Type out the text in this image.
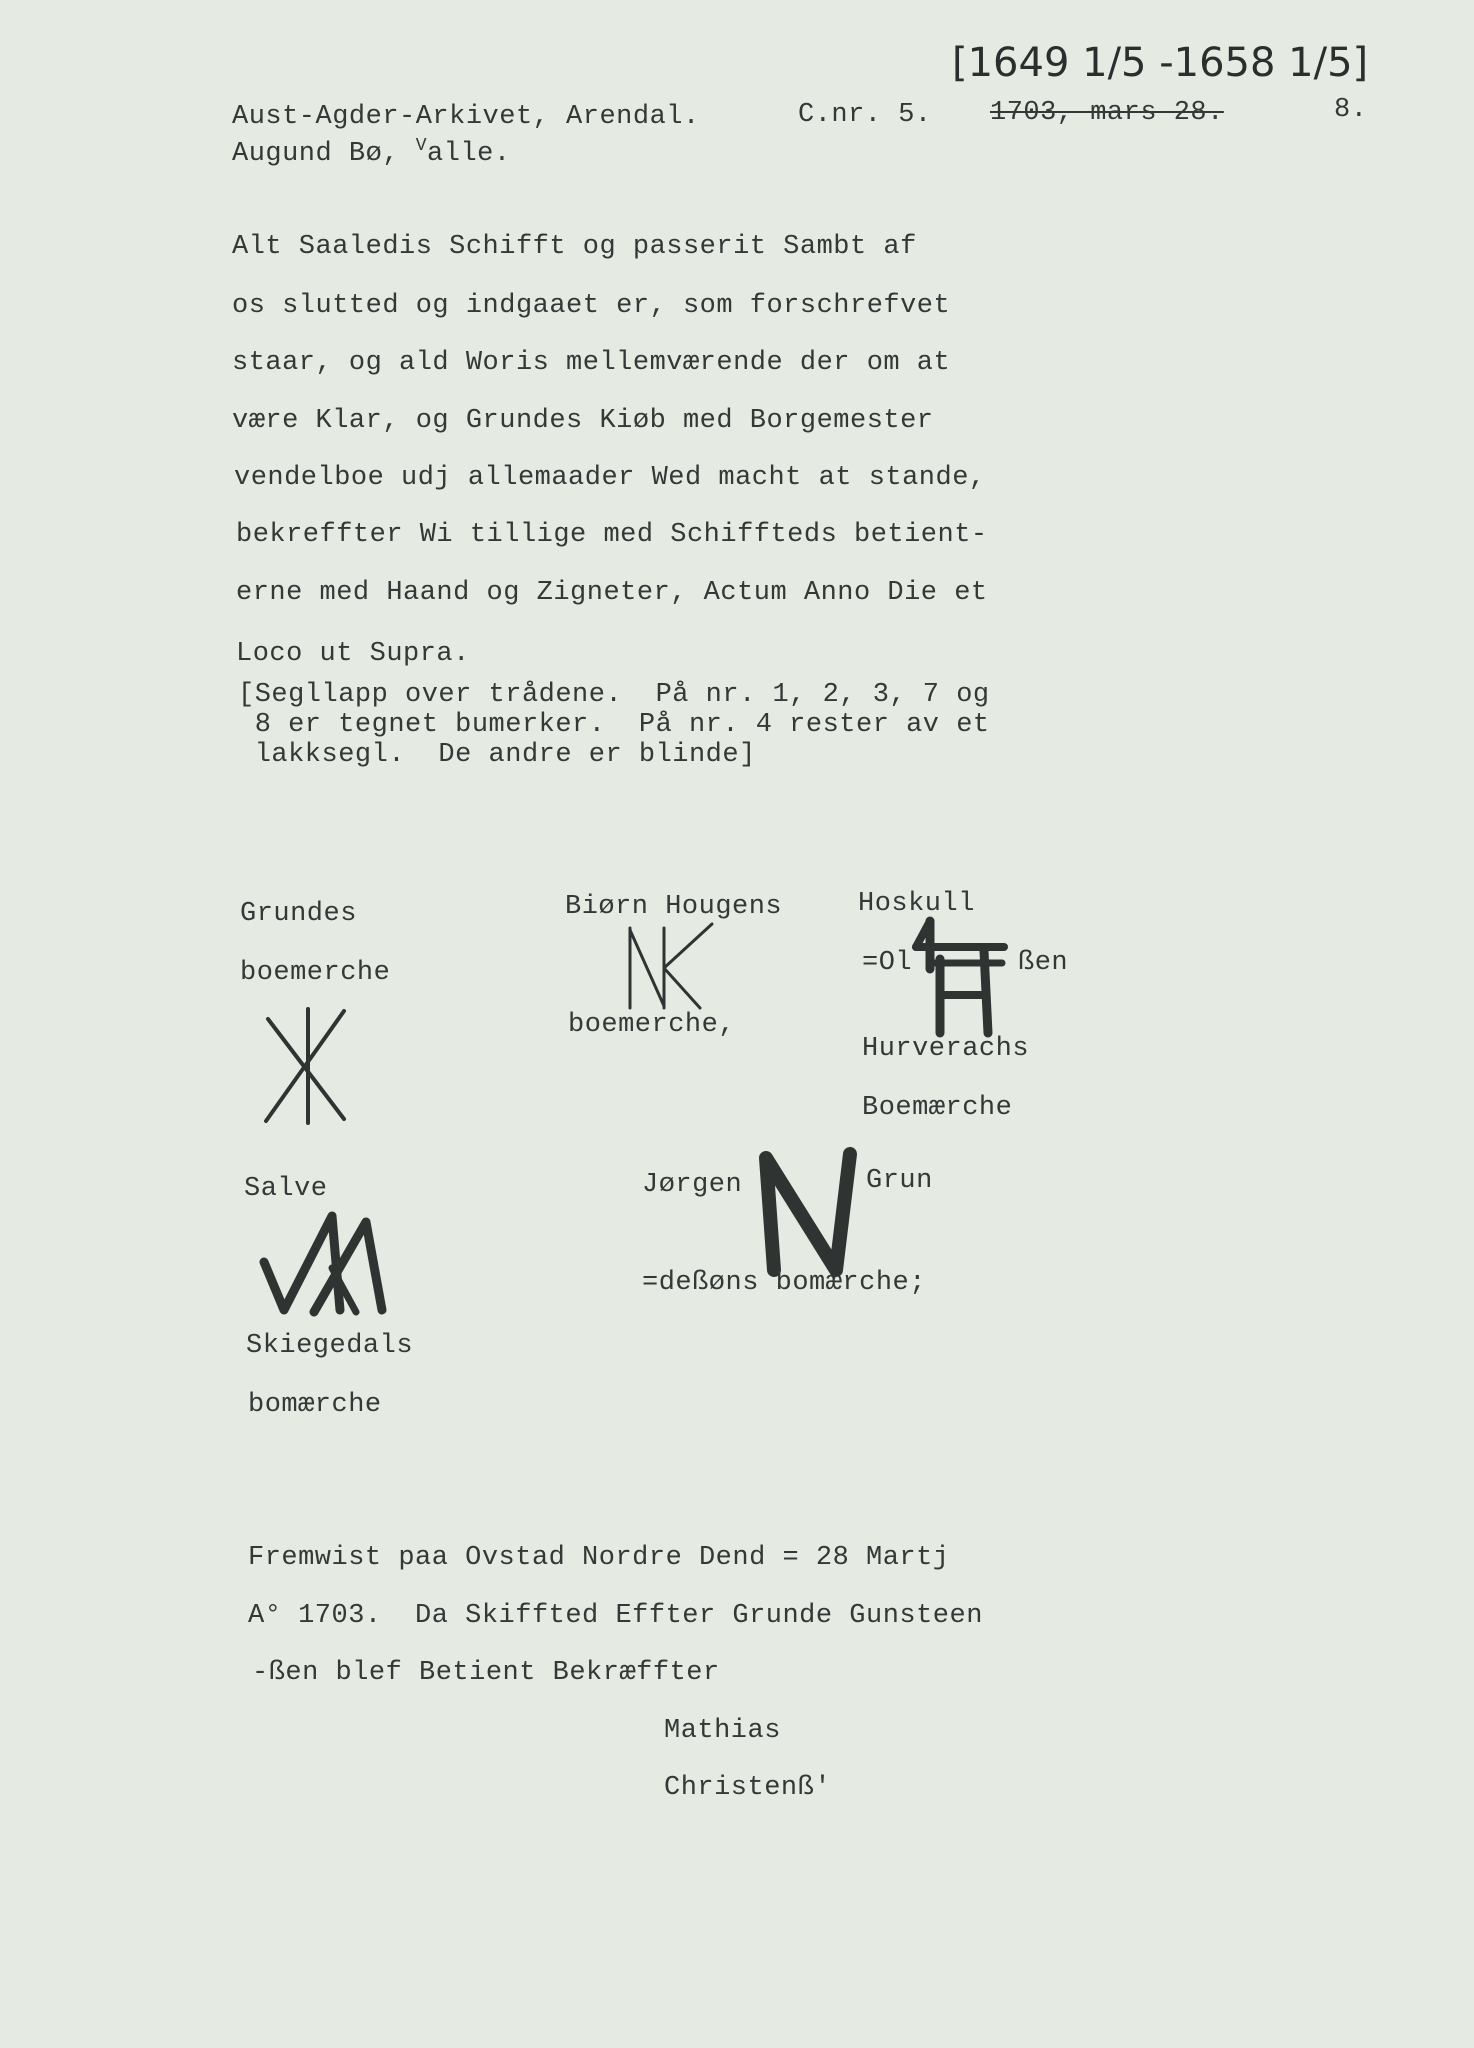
Aust-Agder-Arkivet, Arendal.	C.nr. 5. 1703, mars 28.	8.
[1649 1/5 -1658 1/5]
Augund Bø, $^V$alle.
Alt Saaledis Schifft og passerit Sambt af
os slutted og indgaaet er, som forschrefvet
staar, og ald Woris mellemværende der om at
være Klar, og Grundes Kiøb med Borgemester
vendelboe udj allemaader Wed macht at stande,
bekreffter Wi tillige med Schiffteds betient-
erne med Haand og Zigneter, Actum Anno Die et
Loco ut Supra.
[Segllapp over trådene.  På nr. 1, 2, 3, 7 og
8 er tegnet bumerker.  På nr. 4 rester av et
lakksegl.  De andre er blinde]
Grundes
boemerche
Biørn Hougens
boemerche,
Hoskull
=Ol	ßen
Hurverachs
Boemærche
Salve
Skiegedals
bomærche
Jørgen	Grun
=deßøns bomærche;
Fremwist paa Ovstad Nordre Dend = 28 Martj
A° 1703.  Da Skiffted Effter Grunde Gunsteen
-ßen blef Betient Bekræffter
Mathias
Christenß'
